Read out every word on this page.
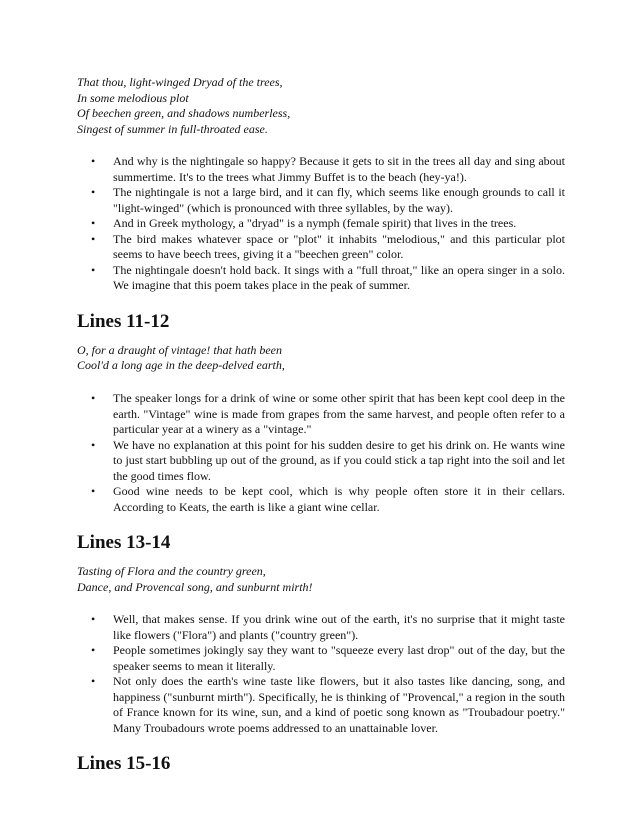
That thou, light-winged Dryad of the trees,
In some melodious plot
Of beechen green, and shadows numberless,
Singest of summer in full-throated ease.
• And why is the nightingale so happy? Because it gets to sit in the trees all day and sing about summertime. It's to the trees what Jimmy Buffet is to the beach (hey-ya!).
• The nightingale is not a large bird, and it can fly, which seems like enough grounds to call it "light-winged" (which is pronounced with three syllables, by the way).
• And in Greek mythology, a "dryad" is a nymph (female spirit) that lives in the trees.
• The bird makes whatever space or "plot" it inhabits "melodious," and this particular plot seems to have beech trees, giving it a "beechen green" color.
• The nightingale doesn't hold back. It sings with a "full throat," like an opera singer in a solo. We imagine that this poem takes place in the peak of summer.
Lines 11-12
O, for a draught of vintage! that hath been
Cool'd a long age in the deep-delved earth,
• The speaker longs for a drink of wine or some other spirit that has been kept cool deep in the earth. "Vintage" wine is made from grapes from the same harvest, and people often refer to a particular year at a winery as a "vintage."
• We have no explanation at this point for his sudden desire to get his drink on. He wants wine to just start bubbling up out of the ground, as if you could stick a tap right into the soil and let the good times flow.
• Good wine needs to be kept cool, which is why people often store it in their cellars. According to Keats, the earth is like a giant wine cellar.
Lines 13-14
Tasting of Flora and the country green,
Dance, and Provencal song, and sunburnt mirth!
• Well, that makes sense. If you drink wine out of the earth, it's no surprise that it might taste like flowers ("Flora") and plants ("country green").
• People sometimes jokingly say they want to "squeeze every last drop" out of the day, but the speaker seems to mean it literally.
• Not only does the earth's wine taste like flowers, but it also tastes like dancing, song, and happiness ("sunburnt mirth"). Specifically, he is thinking of "Provencal," a region in the south of France known for its wine, sun, and a kind of poetic song known as "Troubadour poetry." Many Troubadours wrote poems addressed to an unattainable lover.
Lines 15-16
